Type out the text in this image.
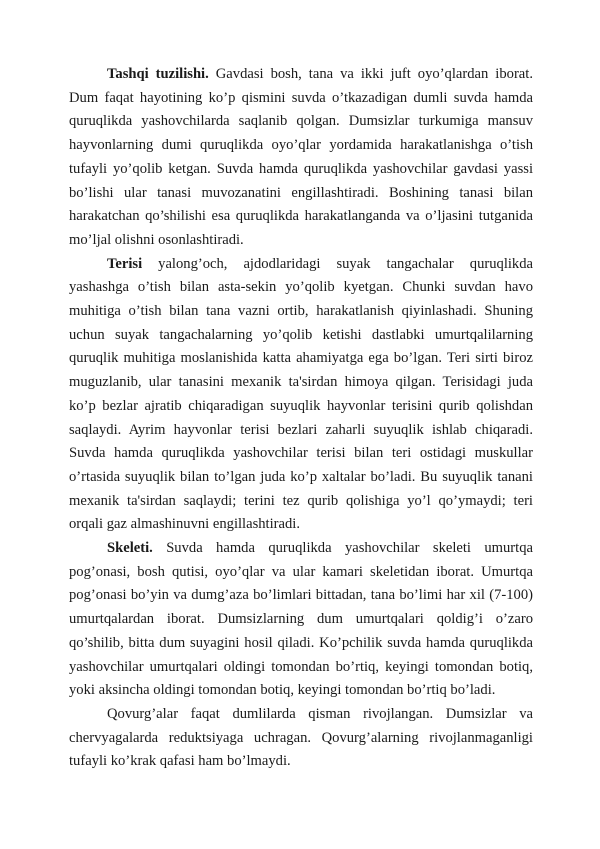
Tashqi tuzilishi. Gavdasi bosh, tana va ikki juft oyo’qlardan iborat. Dum faqat hayotining ko’p qismini suvda o’tkazadigan dumli suvda hamda quruqlikda yashovchilarda saqlanib qolgan. Dumsizlar turkumiga mansuv hayvonlarning dumi quruqlikda oyo’qlar yordamida harakatlanishga o’tish tufayli yo’qolib ketgan. Suvda hamda quruqlikda yashovchilar gavdasi yassi bo’lishi ular tanasi muvozanatini engillashtiradi. Boshining tanasi bilan harakatchan qo’shilishi esa quruqlikda harakatlanganda va o’ljasini tutganida mo’ljal olishni osonlashtiradi.

Terisi yalong’och, ajdodlaridagi suyak tangachalar quruqlikda yashashga o’tish bilan asta-sekin yo’qolib kyetgan. Chunki suvdan havo muhitiga o’tish bilan tana vazni ortib, harakatlanish qiyinlashadi. Shuning uchun suyak tangachalarning yo’qolib ketishi dastlabki umurtqalilarning quruqlik muhitiga moslanishida katta ahamiyatga ega bo’lgan. Teri sirti biroz muguzlanib, ular tanasini mexanik ta'sirdan himoya qilgan. Terisidagi juda ko’p bezlar ajratib chiqaradigan suyuqlik hayvonlar terisini qurib qolishdan saqlaydi. Ayrim hayvonlar terisi bezlari zaharli suyuqlik ishlab chiqaradi. Suvda hamda quruqlikda yashovchilar terisi bilan teri ostidagi muskullar o’rtasida suyuqlik bilan to’lgan juda ko’p xaltalar bo’ladi. Bu suyuqlik tanani mexanik ta'sirdan saqlaydi; terini tez qurib qolishiga yo’l qo’ymaydi; teri orqali gaz almashinuvni engillashtiradi.

Skeleti. Suvda hamda quruqlikda yashovchilar skeleti umurtqa pog’onasi, bosh qutisi, oyo’qlar va ular kamari skeletidan iborat. Umurtqa pog’onasi bo’yin va dumg’aza bo’limlari bittadan, tana bo’limi har xil (7-100) umurtqalardan iborat. Dumsizlarning dum umurtqalari qoldig’i o’zaro qo’shilib, bitta dum suyagini hosil qiladi. Ko’pchilik suvda hamda quruqlikda yashovchilar umurtqalari oldingi tomondan bo’rtiq, keyingi tomondan botiq, yoki aksincha oldingi tomondan botiq, keyingi tomondan bo’rtiq bo’ladi.

Qovurg’alar faqat dumlilarda qisman rivojlangan. Dumsizlar va chervyagalarda reduktsiyaga uchragan. Qovurg’alarning rivojlanmaganligi tufayli ko’krak qafasi ham bo’lmaydi.
